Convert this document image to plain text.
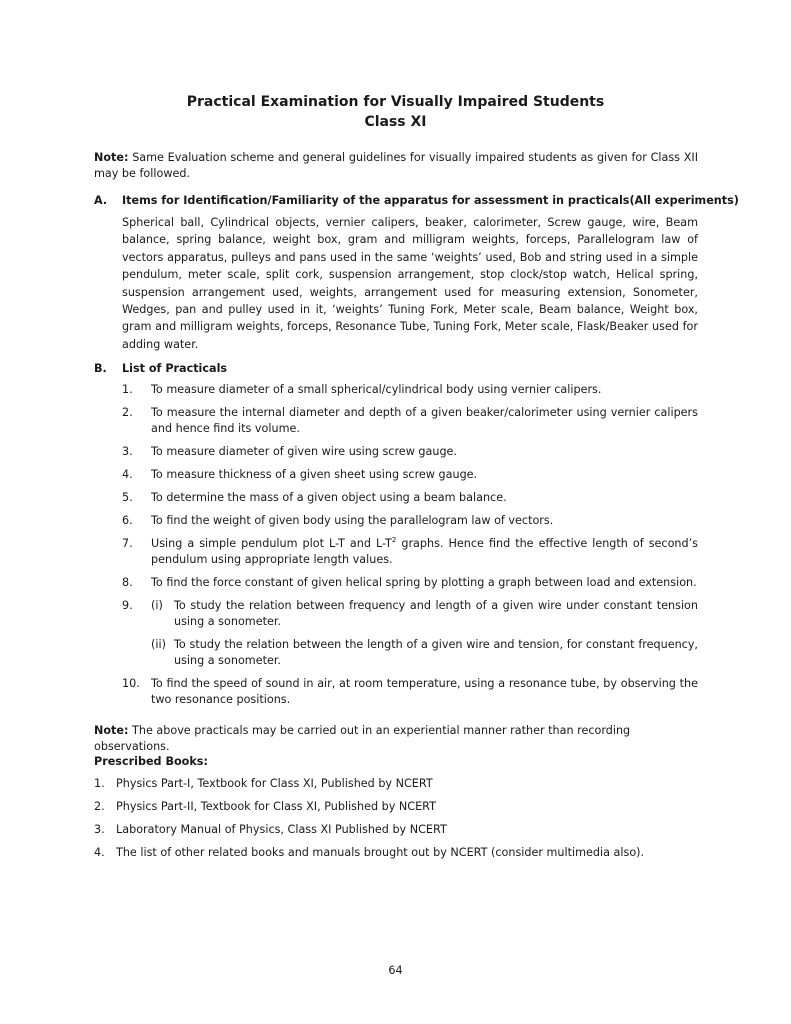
Practical Examination for Visually Impaired Students
Class XI
Note: Same Evaluation scheme and general guidelines for visually impaired students as given for Class XII may be followed.
A. Items for Identification/Familiarity of the apparatus for assessment in practicals(All experiments)
Spherical ball, Cylindrical objects, vernier calipers, beaker, calorimeter, Screw gauge, wire, Beam balance, spring balance, weight box, gram and milligram weights, forceps, Parallelogram law of vectors apparatus, pulleys and pans used in the same ‘weights’ used, Bob and string used in a simple pendulum, meter scale, split cork, suspension arrangement, stop clock/stop watch, Helical spring, suspension arrangement used, weights, arrangement used for measuring extension, Sonometer, Wedges, pan and pulley used in it, ‘weights’ Tuning Fork, Meter scale, Beam balance, Weight box, gram and milligram weights, forceps, Resonance Tube, Tuning Fork, Meter scale, Flask/Beaker used for adding water.
B. List of Practicals
1.	To measure diameter of a small spherical/cylindrical body using vernier calipers.
2.	To measure the internal diameter and depth of a given beaker/calorimeter using vernier calipers and hence find its volume.
3.	To measure diameter of given wire using screw gauge.
4.	To measure thickness of a given sheet using screw gauge.
5.	To determine the mass of a given object using a beam balance.
6.	To find the weight of given body using the parallelogram law of vectors.
7.	Using a simple pendulum plot L-T and $L-T^2$ graphs. Hence find the effective length of second’s pendulum using appropriate length values.
8.	To find the force constant of given helical spring by plotting a graph between load and extension.
9.	(i) To study the relation between frequency and length of a given wire under constant tension using a sonometer.
(ii) To study the relation between the length of a given wire and tension, for constant frequency, using a sonometer.
10.	To find the speed of sound in air, at room temperature, using a resonance tube, by observing the two resonance positions.
Note: The above practicals may be carried out in an experiential manner rather than recording observations.
Prescribed Books:
1.	Physics Part-I, Textbook for Class XI, Published by NCERT
2.	Physics Part-II, Textbook for Class XI, Published by NCERT
3.	Laboratory Manual of Physics, Class XI Published by NCERT
4.	The list of other related books and manuals brought out by NCERT (consider multimedia also).
64
